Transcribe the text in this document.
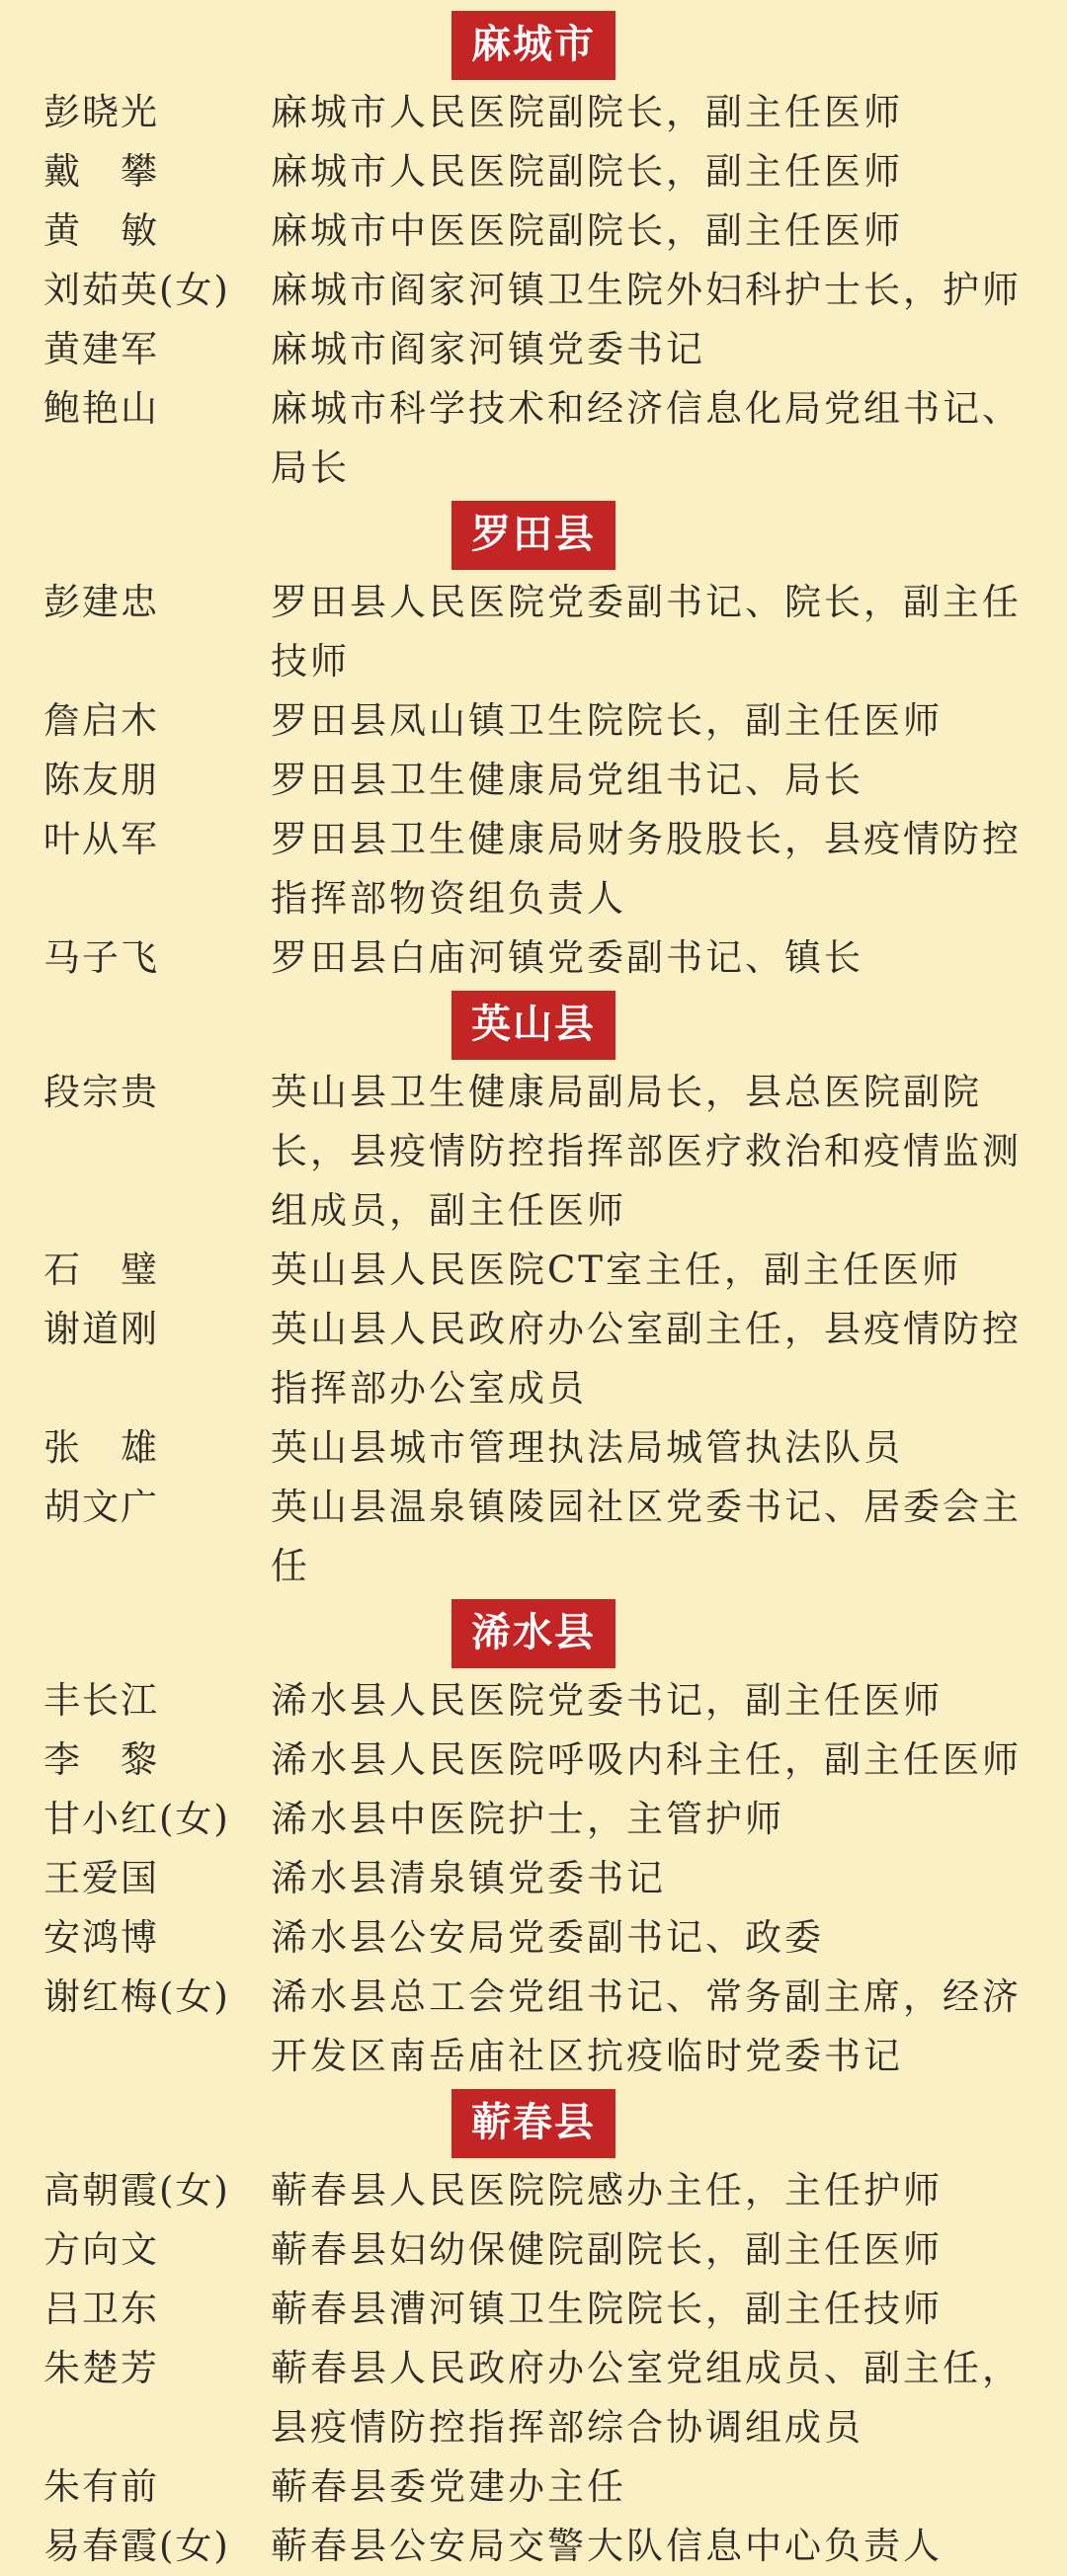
麻城市
彭晓光	麻城市人民医院副院长，副主任医师
戴　攀	麻城市人民医院副院长，副主任医师
黄　敏	麻城市中医医院副院长，副主任医师
刘茹英(女)	麻城市阎家河镇卫生院外妇科护士长，护师
黄建军	麻城市阎家河镇党委书记
鲍艳山	麻城市科学技术和经济信息化局党组书记、局长
罗田县
彭建忠	罗田县人民医院党委副书记、院长，副主任技师
詹启木	罗田县凤山镇卫生院院长，副主任医师
陈友朋	罗田县卫生健康局党组书记、局长
叶从军	罗田县卫生健康局财务股股长，县疫情防控指挥部物资组负责人
马子飞	罗田县白庙河镇党委副书记、镇长
英山县
段宗贵	英山县卫生健康局副局长，县总医院副院长，县疫情防控指挥部医疗救治和疫情监测组成员，副主任医师
石　璧	英山县人民医院CT室主任，副主任医师
谢道刚	英山县人民政府办公室副主任，县疫情防控指挥部办公室成员
张　雄	英山县城市管理执法局城管执法队员
胡文广	英山县温泉镇陵园社区党委书记、居委会主任
浠水县
丰长江	浠水县人民医院党委书记，副主任医师
李　黎	浠水县人民医院呼吸内科主任，副主任医师
甘小红(女)	浠水县中医院护士，主管护师
王爱国	浠水县清泉镇党委书记
安鸿博	浠水县公安局党委副书记、政委
谢红梅(女)	浠水县总工会党组书记、常务副主席，经济开发区南岳庙社区抗疫临时党委书记
蕲春县
高朝霞(女)	蕲春县人民医院院感办主任，主任护师
方向文	蕲春县妇幼保健院副院长，副主任医师
吕卫东	蕲春县漕河镇卫生院院长，副主任技师
朱楚芳	蕲春县人民政府办公室党组成员、副主任，县疫情防控指挥部综合协调组成员
朱有前	蕲春县委党建办主任
易春霞(女)	蕲春县公安局交警大队信息中心负责人
